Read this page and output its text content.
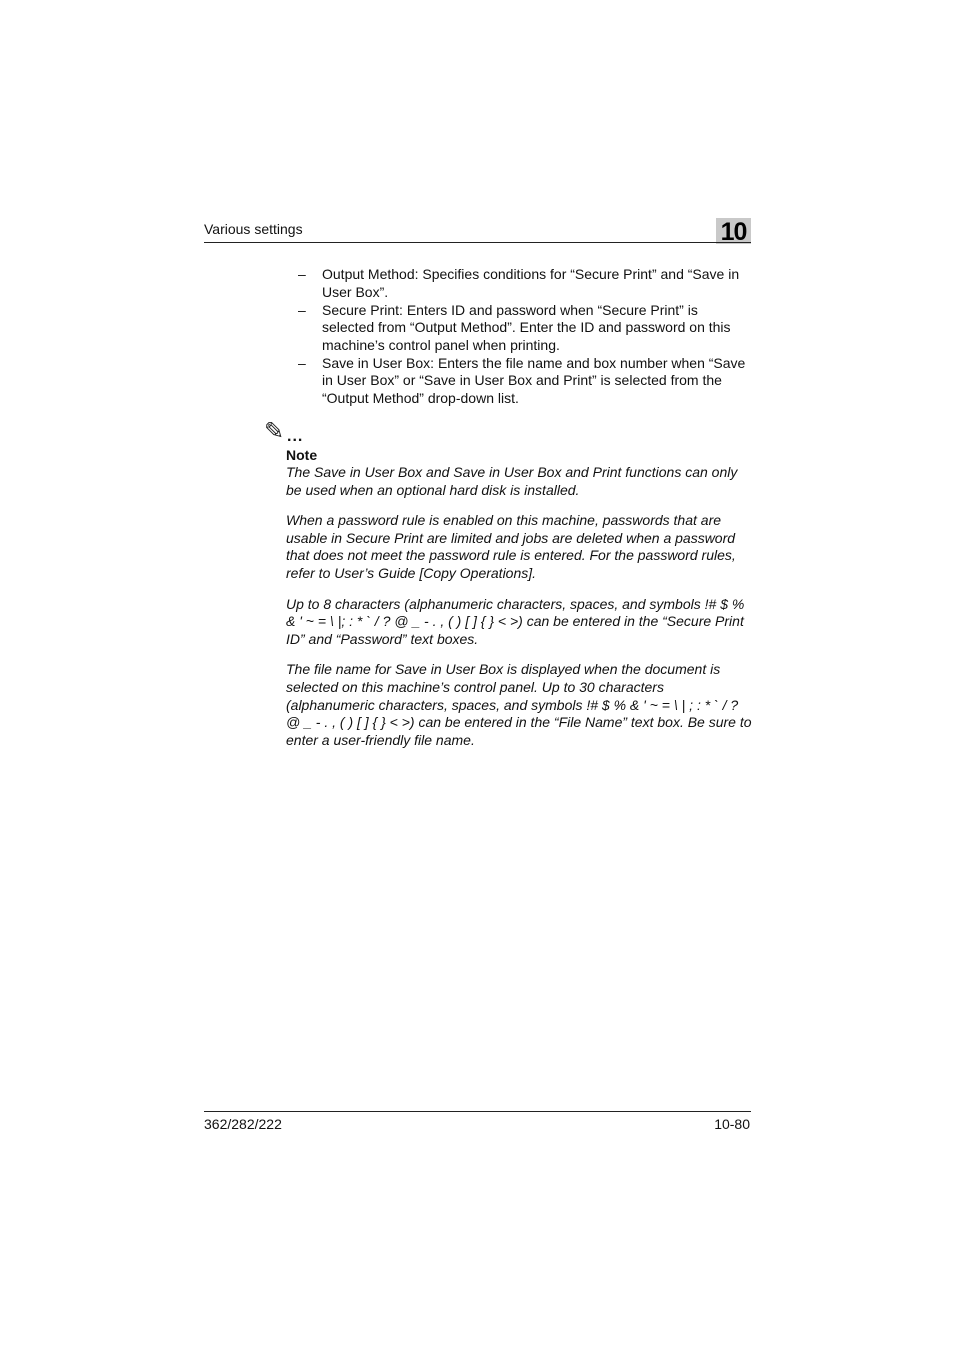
Various settings	10
– Output Method: Specifies conditions for “Secure Print” and “Save in User Box”.
– Secure Print: Enters ID and password when “Secure Print” is selected from “Output Method”. Enter the ID and password on this machine’s control panel when printing.
– Save in User Box: Enters the file name and box number when “Save in User Box” or “Save in User Box and Print” is selected from the “Output Method” drop-down list.
✎ ...
Note

The Save in User Box and Save in User Box and Print functions can only be used when an optional hard disk is installed.

When a password rule is enabled on this machine, passwords that are usable in Secure Print are limited and jobs are deleted when a password that does not meet the password rule is entered. For the password rules, refer to User’s Guide [Copy Operations].

Up to 8 characters (alphanumeric characters, spaces, and symbols !# $ % & ' ~ = \ |; : * ` / ? @ _ - . , ( ) [ ] { } < >) can be entered in the “Secure Print ID” and “Password” text boxes.

The file name for Save in User Box is displayed when the document is selected on this machine’s control panel. Up to 30 characters (alphanumeric characters, spaces, and symbols !# $ % & ' ~ = \ | ; : * ` / ? @ _ - . , ( ) [ ] { } < >) can be entered in the “File Name” text box. Be sure to enter a user-friendly file name.

362/282/222	10-80
